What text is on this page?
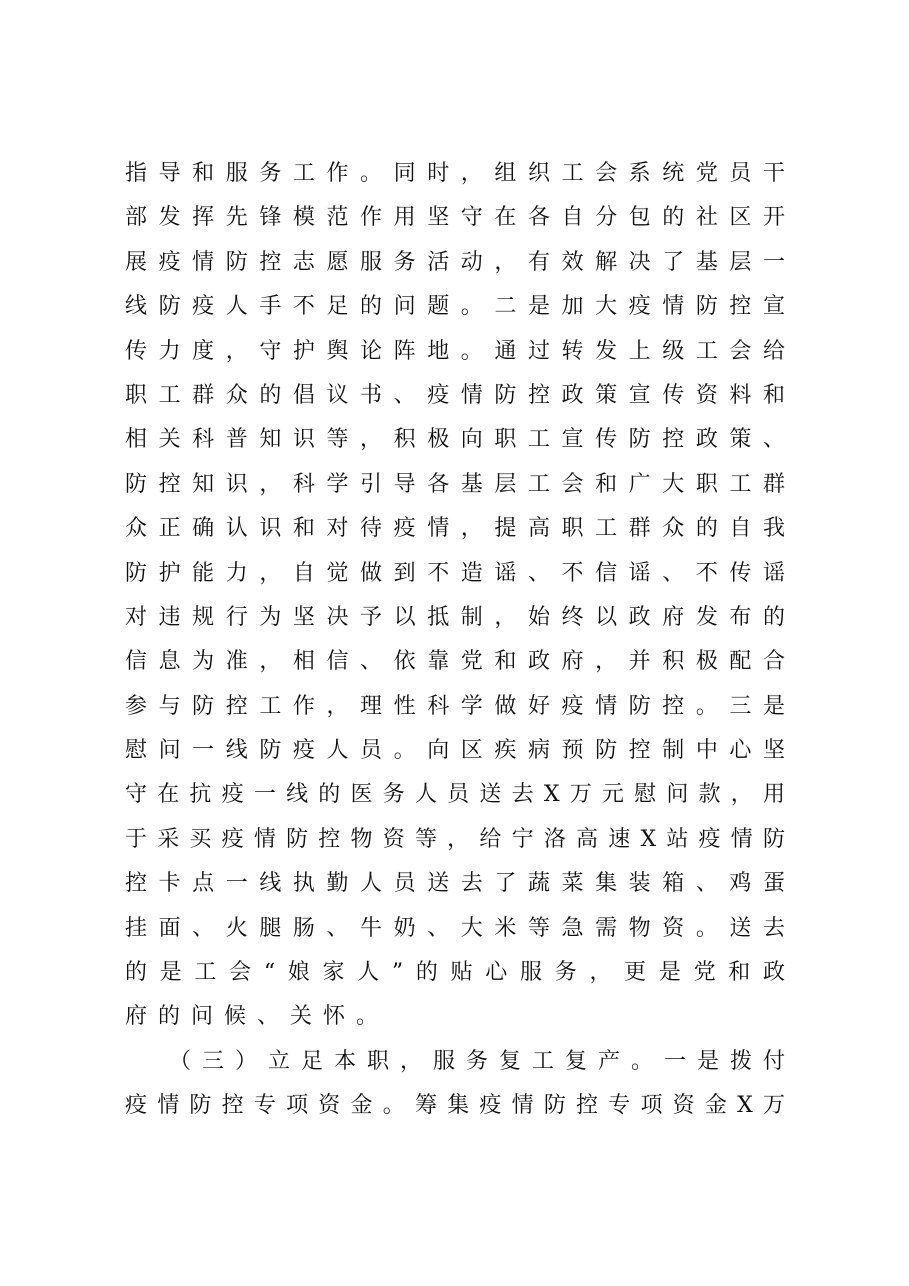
指导和服务工作。同时，组织工会系统党员干
部发挥先锋模范作用坚守在各自分包的社区开
展疫情防控志愿服务活动，有效解决了基层一
线防疫人手不足的问题。二是加大疫情防控宣
传力度，守护舆论阵地。通过转发上级工会给
职工群众的倡议书、疫情防控政策宣传资料和
相关科普知识等，积极向职工宣传防控政策、
防控知识，科学引导各基层工会和广大职工群
众正确认识和对待疫情，提高职工群众的自我
防护能力，自觉做到不造谣、不信谣、不传谣
对违规行为坚决予以抵制，始终以政府发布的
信息为准，相信、依靠党和政府，并积极配合
参与防控工作，理性科学做好疫情防控。三是
慰问一线防疫人员。向区疾病预防控制中心坚
守在抗疫一线的医务人员送去X万元慰问款，用
于采买疫情防控物资等，给宁洛高速X站疫情防
控卡点一线执勤人员送去了蔬菜集装箱、鸡蛋
挂面、火腿肠、牛奶、大米等急需物资。送去
的是工会“娘家人”的贴心服务，更是党和政
府的问候、关怀。
（三）立足本职，服务复工复产。一是拨付
疫情防控专项资金。筹集疫情防控专项资金X万
